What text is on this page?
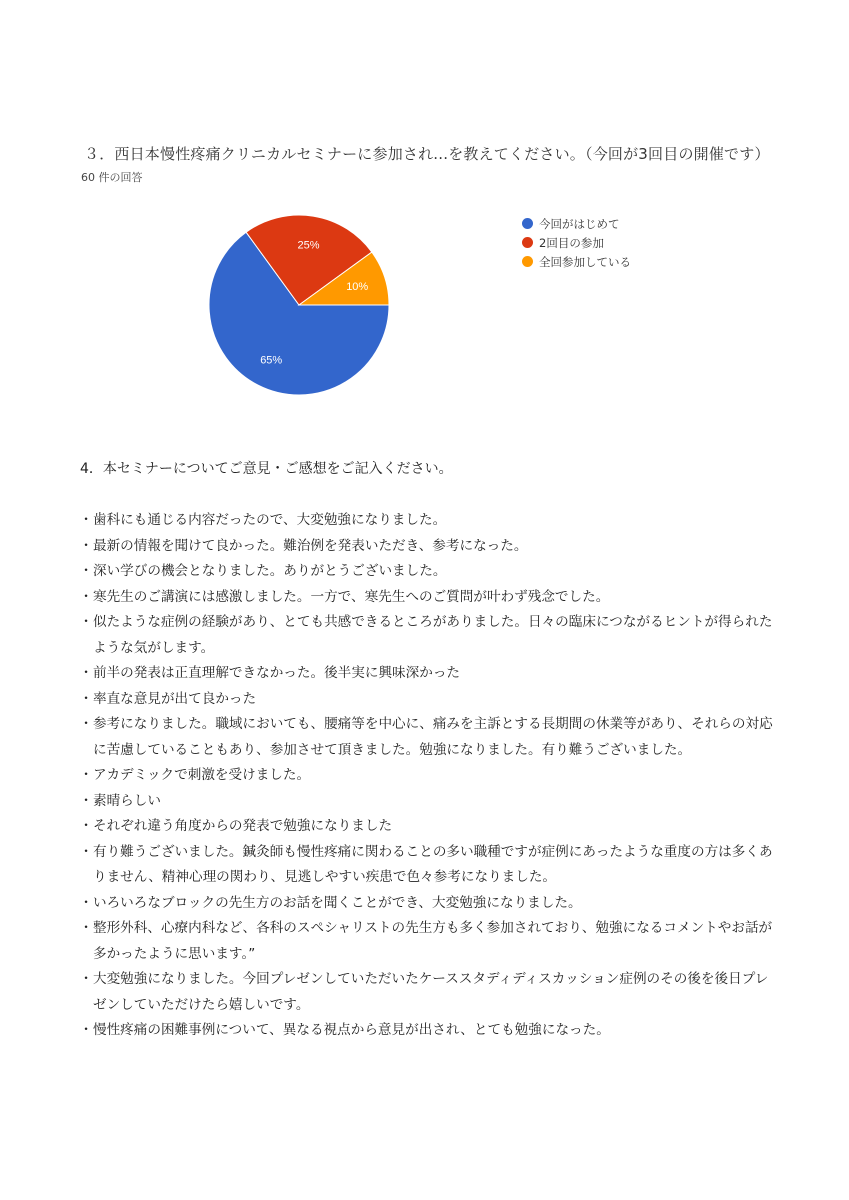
３．西日本慢性疼痛クリニカルセミナーに参加され...を教えてください。（今回が3回目の開催です）
60 件の回答
65%
25%
10%
今回がはじめて
2回目の参加
全回参加している
4．本セミナーについてご意見・ご感想をご記入ください。
・歯科にも通じる内容だったので、大変勉強になりました。
・最新の情報を聞けて良かった。難治例を発表いただき、参考になった。
・深い学びの機会となりました。ありがとうございました。
・寒先生のご講演には感激しました。一方で、寒先生へのご質問が叶わず残念でした。
・似たような症例の経験があり、とても共感できるところがありました。日々の臨床につながるヒントが得られたような気がします。
・前半の発表は正直理解できなかった。後半実に興味深かった
・率直な意見が出て良かった
・参考になりました。職域においても、腰痛等を中心に、痛みを主訴とする長期間の休業等があり、それらの対応に苦慮していることもあり、参加させて頂きました。勉強になりました。有り難うございました。
・アカデミックで刺激を受けました。
・素晴らしい
・それぞれ違う角度からの発表で勉強になりました
・有り難うございました。鍼灸師も慢性疼痛に関わることの多い職種ですが症例にあったような重度の方は多くありません、精神心理の関わり、見逃しやすい疾患で色々参考になりました。
・いろいろなブロックの先生方のお話を聞くことができ、大変勉強になりました。
・整形外科、心療内科など、各科のスペシャリストの先生方も多く参加されており、勉強になるコメントやお話が多かったように思います。”
・大変勉強になりました。今回プレゼンしていただいたケーススタディディスカッション症例のその後を後日プレゼンしていただけたら嬉しいです。
・慢性疼痛の困難事例について、異なる視点から意見が出され、とても勉強になった。
